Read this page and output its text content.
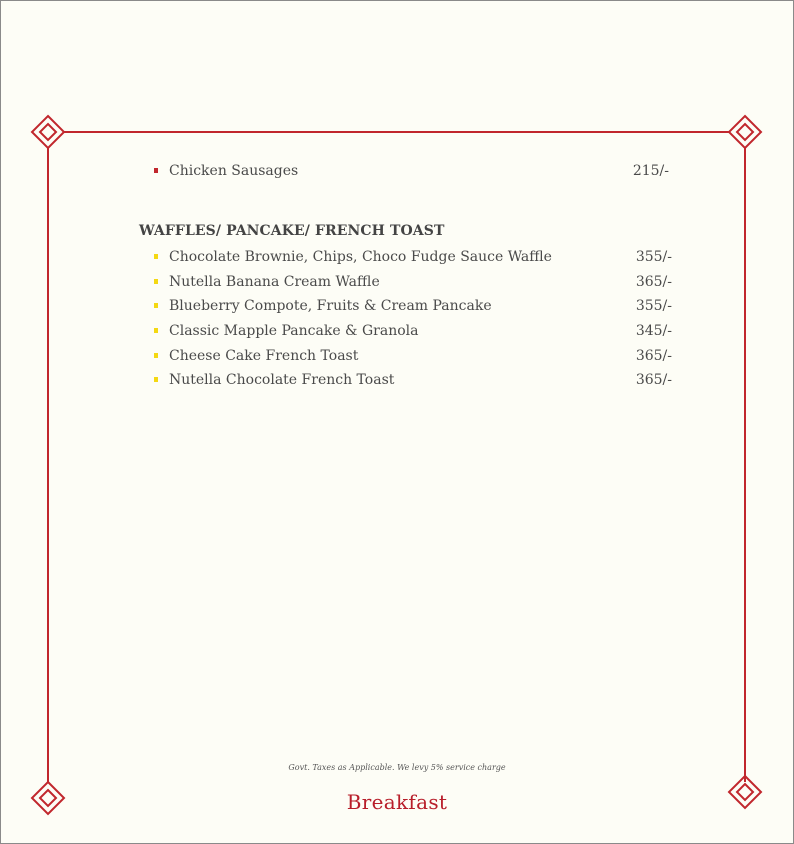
Chicken Sausages	215/-
WAFFLES/ PANCAKE/ FRENCH TOAST
Chocolate Brownie, Chips, Choco Fudge Sauce Waffle	355/-
Nutella Banana Cream Waffle	365/-
Blueberry Compote, Fruits & Cream Pancake	355/-
Classic Mapple Pancake & Granola	345/-
Cheese Cake French Toast	365/-
Nutella Chocolate French Toast	365/-
Govt. Taxes as Applicable. We levy 5% service charge
Breakfast
